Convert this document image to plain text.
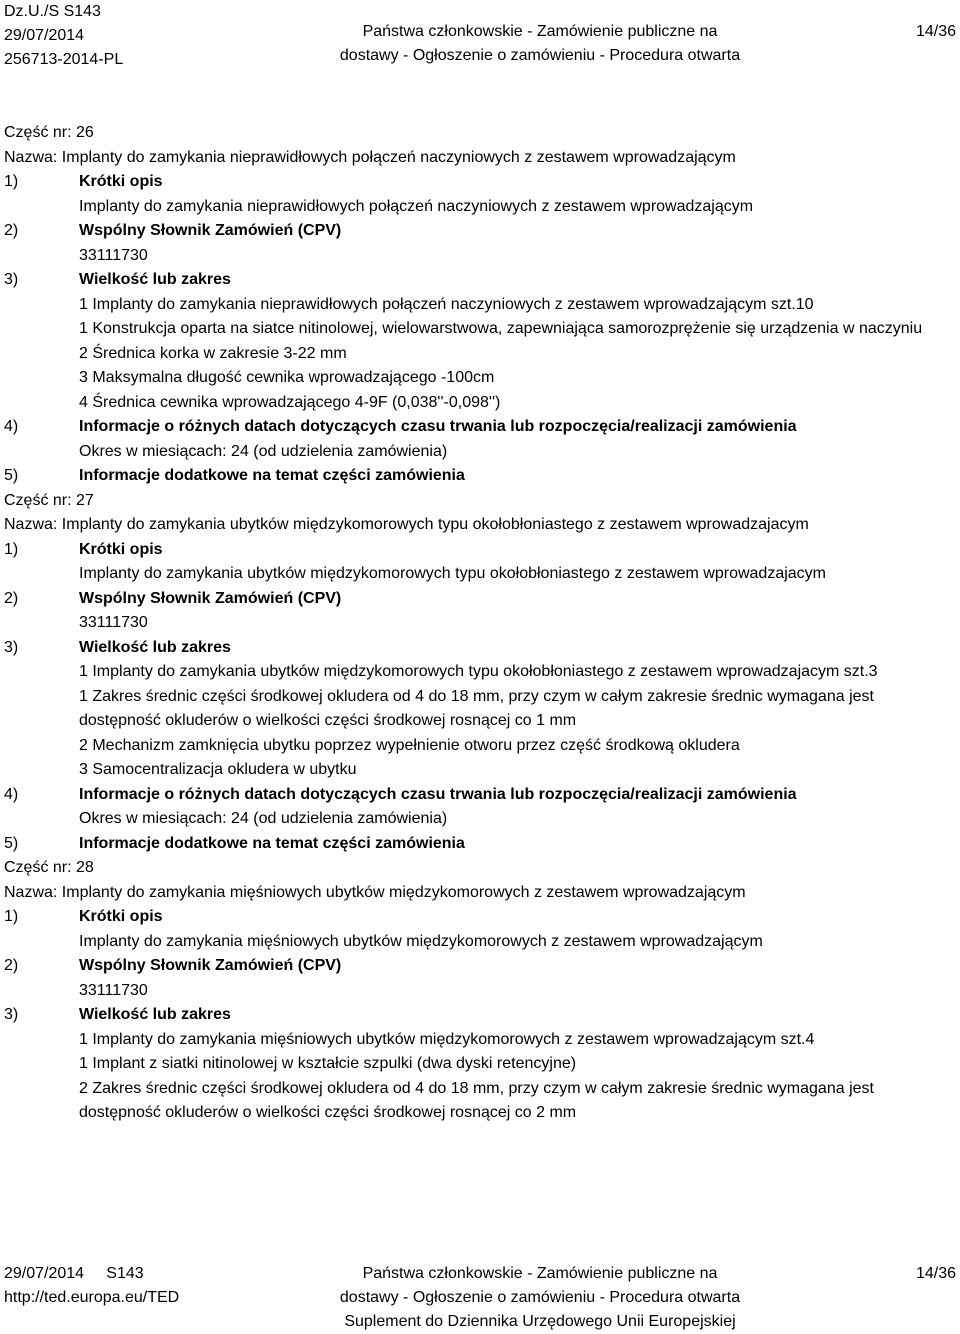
Dz.U./S S143
29/07/2014
256713-2014-PL
Państwa członkowskie - Zamówienie publiczne na
dostawy - Ogłoszenie o zamówieniu - Procedura otwarta
14/36
Część nr: 26
Nazwa: Implanty do zamykania nieprawidłowych połączeń naczyniowych z zestawem wprowadzającym
1)	Krótki opis
Implanty do zamykania nieprawidłowych połączeń naczyniowych z zestawem wprowadzającym
2)	Wspólny Słownik Zamówień (CPV)
33111730
3)	Wielkość lub zakres
1 Implanty do zamykania nieprawidłowych połączeń naczyniowych z zestawem wprowadzającym szt.10
1 Konstrukcja oparta na siatce nitinolowej, wielowarstwowa, zapewniająca samorozprężenie się urządzenia w naczyniu
2 Średnica korka w zakresie 3-22 mm
3 Maksymalna długość cewnika wprowadzającego -100cm
4 Średnica cewnika wprowadzającego 4-9F (0,038''-0,098'')
4)	Informacje o różnych datach dotyczących czasu trwania lub rozpoczęcia/realizacji zamówienia
Okres w miesiącach: 24 (od udzielenia zamówienia)
5)	Informacje dodatkowe na temat części zamówienia
Część nr: 27
Nazwa: Implanty do zamykania ubytków międzykomorowych typu okołobłoniastego z zestawem wprowadzajacym
1)	Krótki opis
Implanty do zamykania ubytków międzykomorowych typu okołobłoniastego z zestawem wprowadzajacym
2)	Wspólny Słownik Zamówień (CPV)
33111730
3)	Wielkość lub zakres
1 Implanty do zamykania ubytków międzykomorowych typu okołobłoniastego z zestawem wprowadzajacym szt.3
1 Zakres średnic części środkowej okludera od 4 do 18 mm, przy czym w całym zakresie średnic wymagana jest dostępność okluderów o wielkości części środkowej rosnącej co 1 mm
2 Mechanizm zamknięcia ubytku poprzez wypełnienie otworu przez część środkową okludera
3 Samocentralizacja okludera w ubytku
4)	Informacje o różnych datach dotyczących czasu trwania lub rozpoczęcia/realizacji zamówienia
Okres w miesiącach: 24 (od udzielenia zamówienia)
5)	Informacje dodatkowe na temat części zamówienia
Część nr: 28
Nazwa: Implanty do zamykania mięśniowych ubytków międzykomorowych z zestawem wprowadzającym
1)	Krótki opis
Implanty do zamykania mięśniowych ubytków międzykomorowych z zestawem wprowadzającym
2)	Wspólny Słownik Zamówień (CPV)
33111730
3)	Wielkość lub zakres
1 Implanty do zamykania mięśniowych ubytków międzykomorowych z zestawem wprowadzającym szt.4
1 Implant z siatki nitinolowej w kształcie szpulki (dwa dyski retencyjne)
2 Zakres średnic części środkowej okludera od 4 do 18 mm, przy czym w całym zakresie średnic wymagana jest dostępność okluderów o wielkości części środkowej rosnącej co 2 mm
29/07/2014     S143
http://ted.europa.eu/TED
Państwa członkowskie - Zamówienie publiczne na
dostawy - Ogłoszenie o zamówieniu - Procedura otwarta
Suplement do Dziennika Urzędowego Unii Europejskiej
14/36
